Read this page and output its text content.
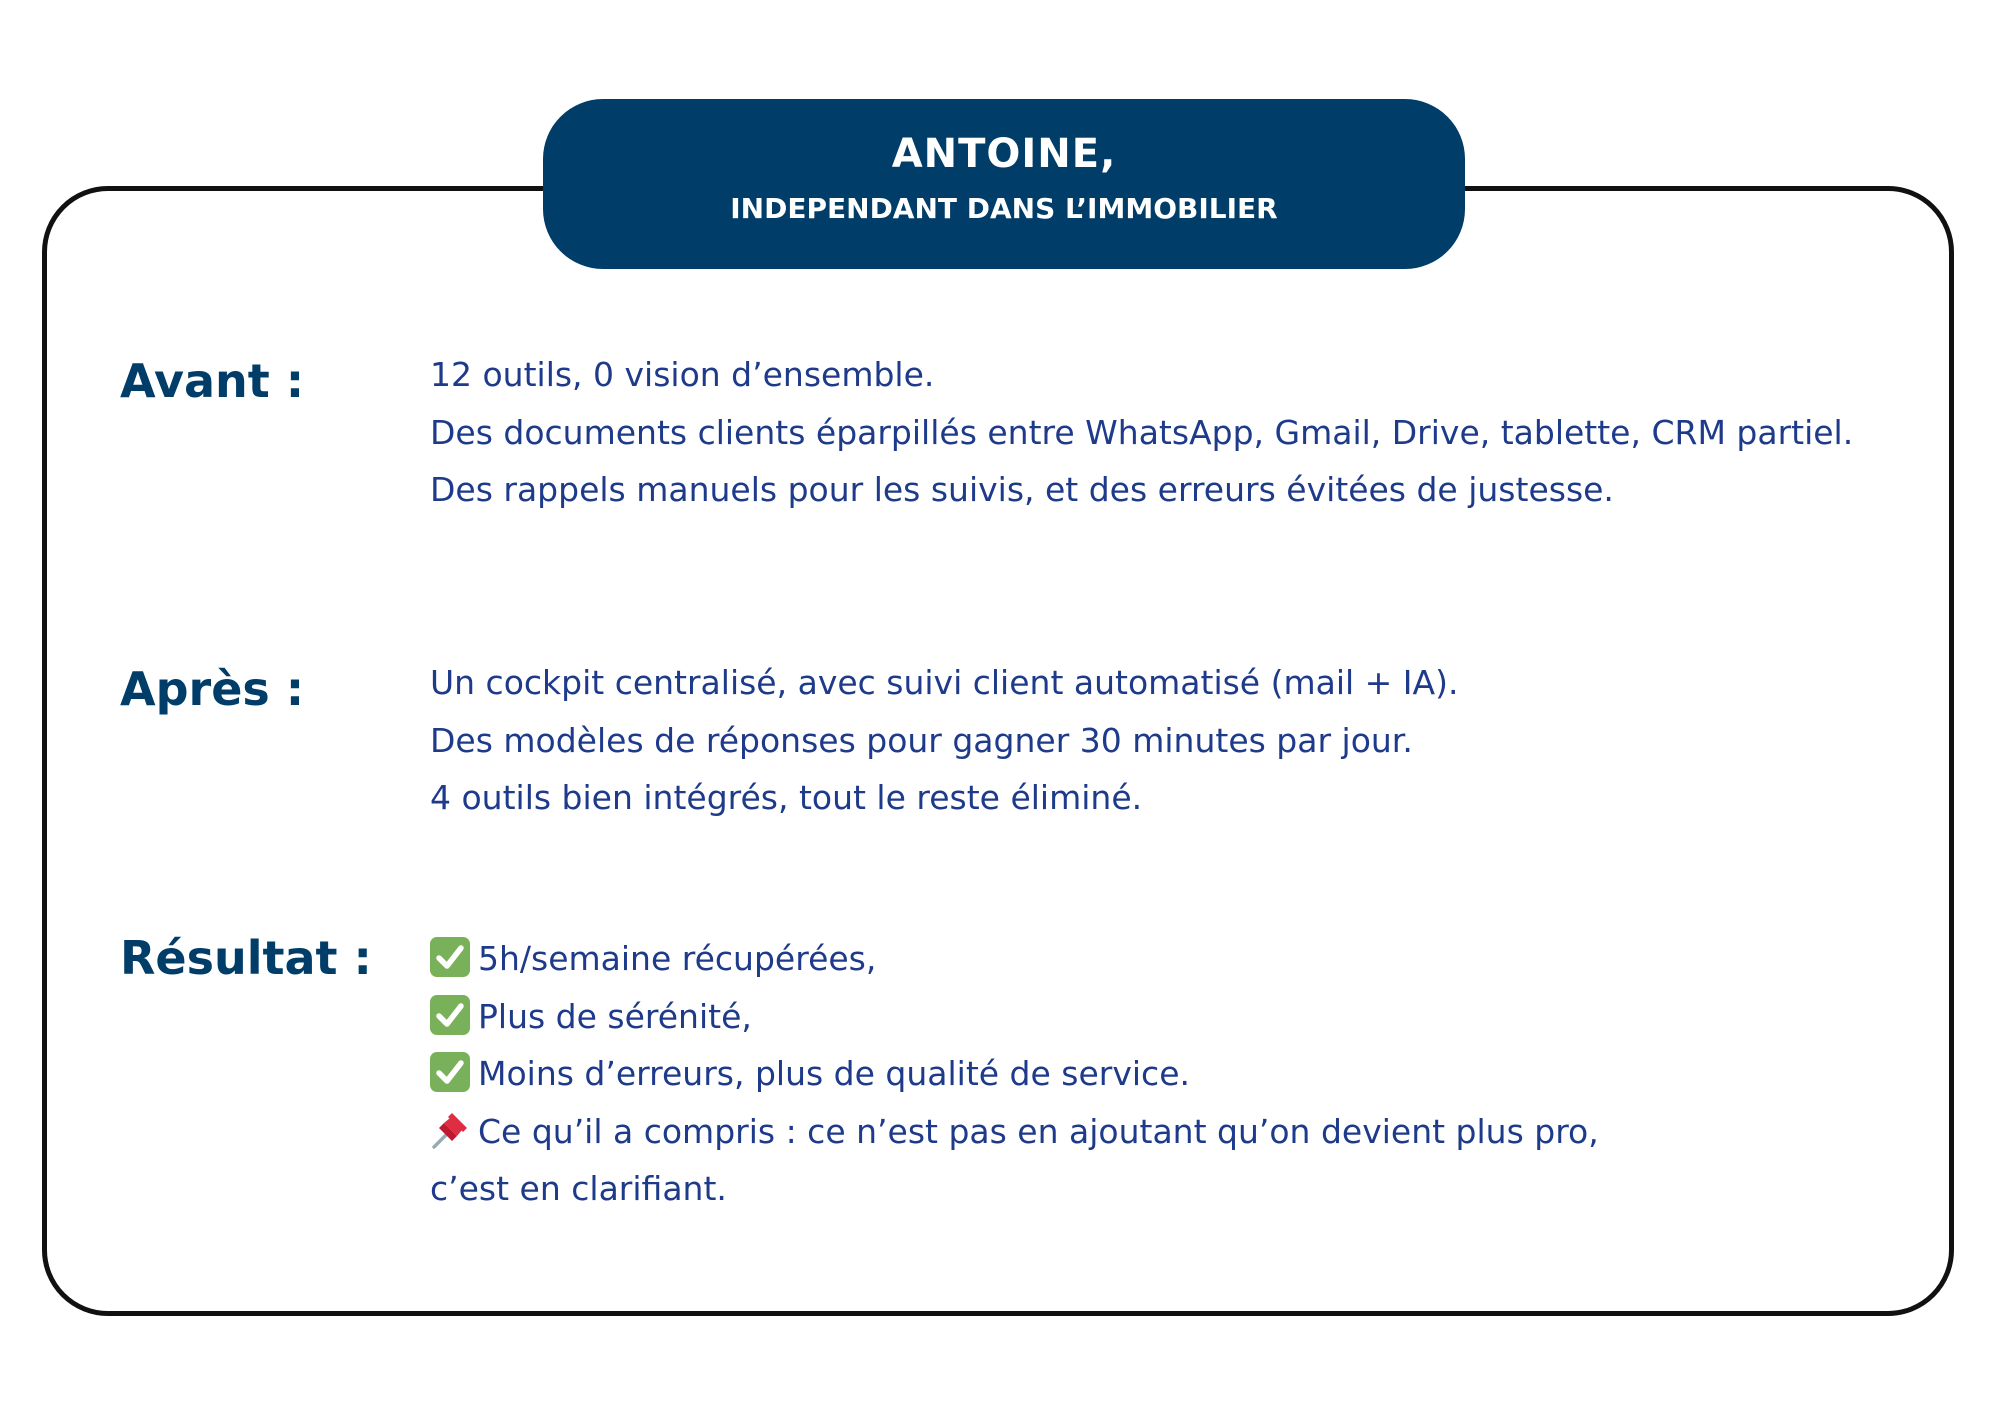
ANTOINE,
INDEPENDANT DANS L’IMMOBILIER
Avant :	12 outils, 0 vision d’ensemble.
Des documents clients éparpillés entre WhatsApp, Gmail, Drive, tablette, CRM partiel.
Des rappels manuels pour les suivis, et des erreurs évitées de justesse.
Après :	Un cockpit centralisé, avec suivi client automatisé (mail + IA).
Des modèles de réponses pour gagner 30 minutes par jour.
4 outils bien intégrés, tout le reste éliminé.
Résultat :	5h/semaine récupérées,
Plus de sérénité,
Moins d’erreurs, plus de qualité de service.
Ce qu’il a compris : ce n’est pas en ajoutant qu’on devient plus pro,
c’est en clarifiant.
